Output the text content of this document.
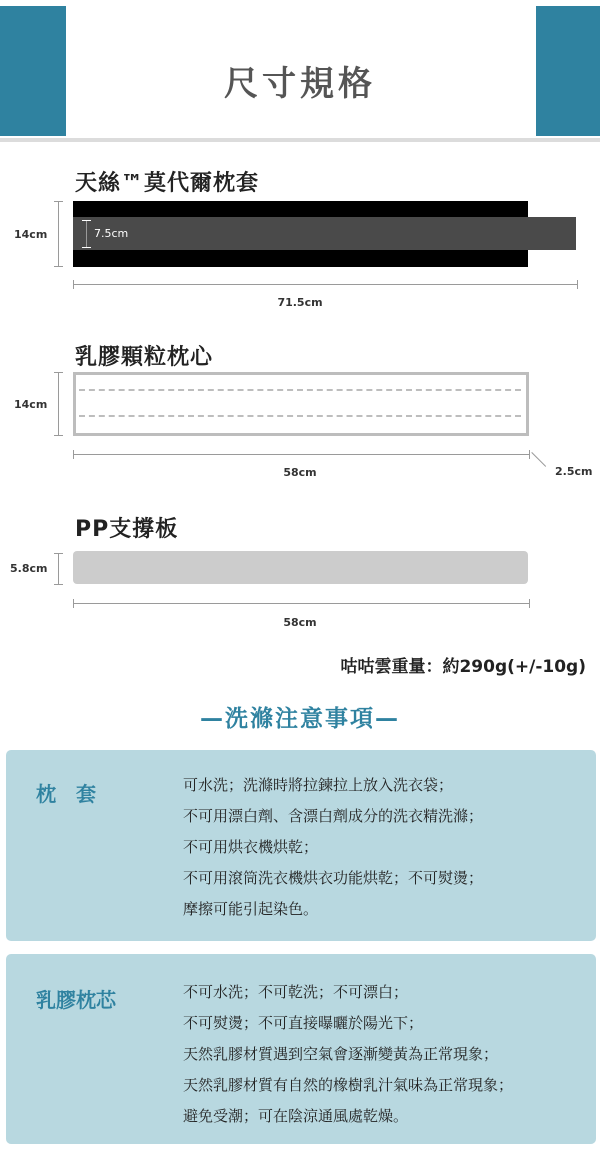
尺寸規格
天絲™莫代爾枕套
14cm	7.5cm
71.5cm
乳膠顆粒枕心
14cm
58cm	2.5cm
PP支撐板
5.8cm
58cm
咕咕雲重量：約290g(+/-10g)
—洗滌注意事項—
枕　套	可水洗；洗滌時將拉鍊拉上放入洗衣袋；
不可用漂白劑、含漂白劑成分的洗衣精洗滌；
不可用烘衣機烘乾；
不可用滾筒洗衣機烘衣功能烘乾；不可熨燙；
摩擦可能引起染色。
乳膠枕芯	不可水洗；不可乾洗；不可漂白；
不可熨燙；不可直接曝曬於陽光下；
天然乳膠材質遇到空氣會逐漸變黃為正常現象；
天然乳膠材質有自然的橡樹乳汁氣味為正常現象；
避免受潮；可在陰涼通風處乾燥。
